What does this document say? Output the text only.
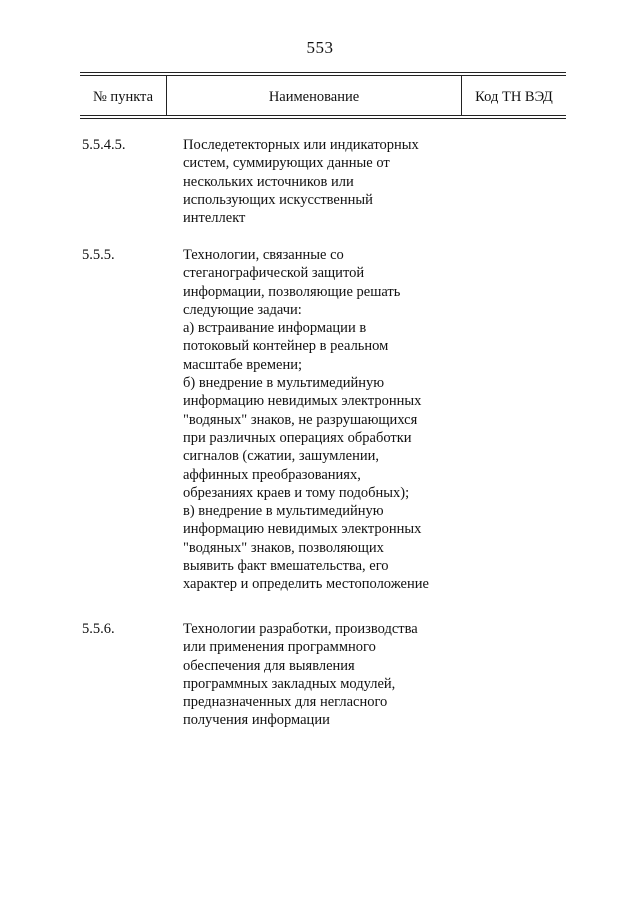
553
№ пункта	Наименование	Код ТН ВЭД
5.5.4.5.	Последетекторных или индикаторных
систем, суммирующих данные от
нескольких источников или
использующих искусственный
интеллект
5.5.5.	Технологии, связанные со
стеганографической защитой
информации, позволяющие решать
следующие задачи:
а) встраивание информации в
потоковый контейнер в реальном
масштабе времени;
б) внедрение в мультимедийную
информацию невидимых электронных
"водяных" знаков, не разрушающихся
при различных операциях обработки
сигналов (сжатии, зашумлении,
аффинных преобразованиях,
обрезаниях краев и тому подобных);
в) внедрение в мультимедийную
информацию невидимых электронных
"водяных" знаков, позволяющих
выявить факт вмешательства, его
характер и определить местоположение
5.5.6.	Технологии разработки, производства
или применения программного
обеспечения для выявления
программных закладных модулей,
предназначенных для негласного
получения информации
